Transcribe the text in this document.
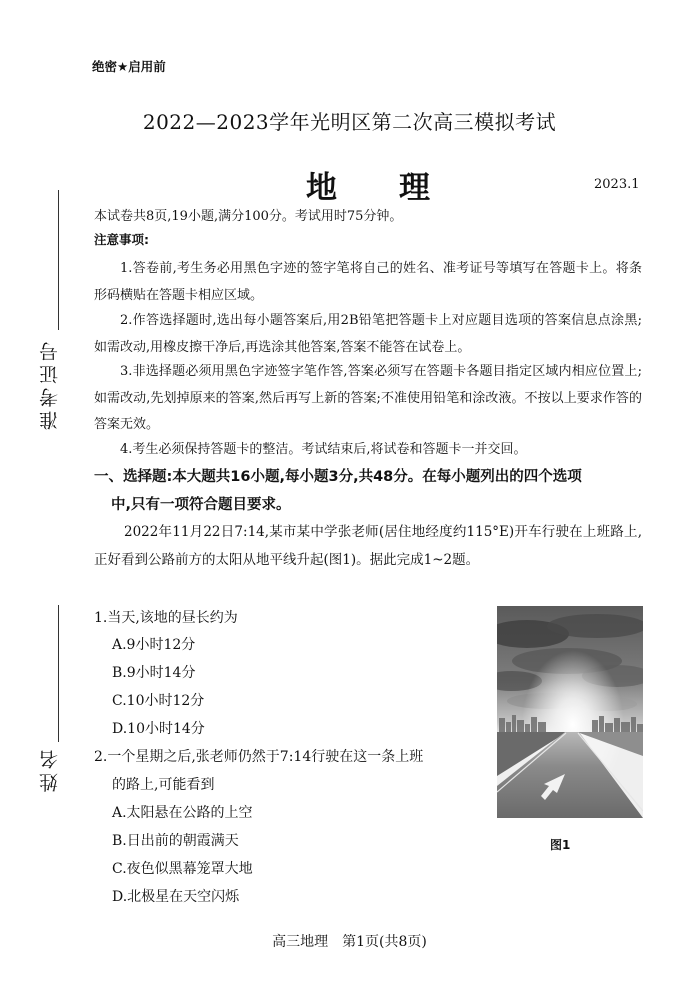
准考证号
姓名
绝密★启用前
2022—2023学年光明区第二次高三模拟考试
地 理	2023.1
本试卷共8页,19小题,满分100分。考试用时75分钟。
注意事项:
1.答卷前,考生务必用黑色字迹的签字笔将自己的姓名、准考证号等填写在答题卡上。将条形码横贴在答题卡相应区域。
2.作答选择题时,选出每小题答案后,用2B铅笔把答题卡上对应题目选项的答案信息点涂黑;如需改动,用橡皮擦干净后,再选涂其他答案,答案不能答在试卷上。
3.非选择题必须用黑色字迹签字笔作答,答案必须写在答题卡各题目指定区域内相应位置上;如需改动,先划掉原来的答案,然后再写上新的答案;不准使用铅笔和涂改液。不按以上要求作答的答案无效。
4.考生必须保持答题卡的整洁。考试结束后,将试卷和答题卡一并交回。
一、选择题:本大题共16小题,每小题3分,共48分。在每小题列出的四个选项
中,只有一项符合题目要求。
2022年11月22日7:14,某市某中学张老师(居住地经度约115°E)开车行驶在上班路上,正好看到公路前方的太阳从地平线升起(图1)。据此完成1~2题。
1.当天,该地的昼长约为
A.9小时12分
B.9小时14分
C.10小时12分
D.10小时14分
2.一个星期之后,张老师仍然于7:14行驶在这一条上班
的路上,可能看到
A.太阳悬在公路的上空
B.日出前的朝霞满天
C.夜色似黑幕笼罩大地
D.北极星在天空闪烁
图1
高三地理　第1页(共8页)
